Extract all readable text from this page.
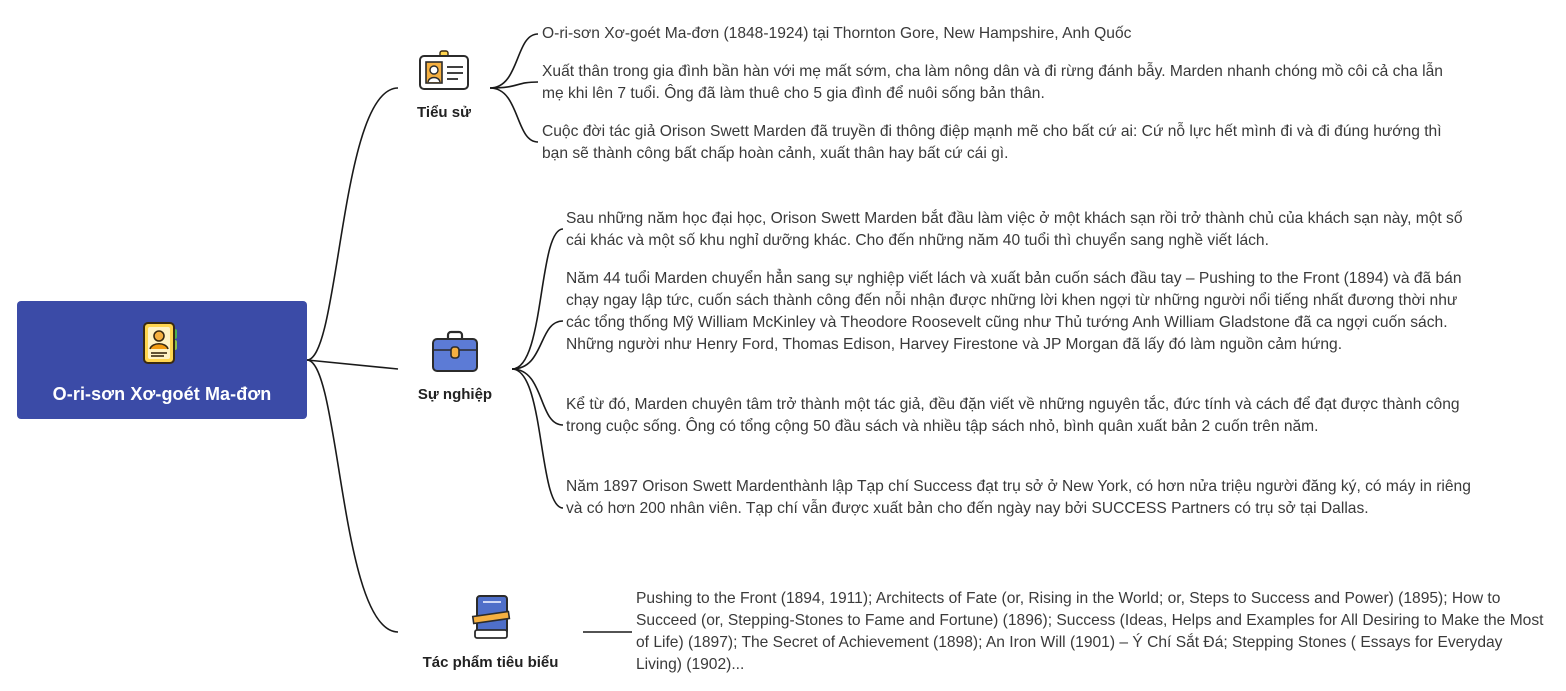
O-ri-sơn Xơ-goét Ma-đơn
Tiểu sử
Sự nghiệp
Tác phẩm tiêu biểu
O-ri-sơn Xơ-goét Ma-đơn (1848-1924) tại Thornton Gore, New Hampshire, Anh Quốc
Xuất thân trong gia đình bần hàn với mẹ mất sớm, cha làm nông dân và đi rừng đánh bẫy. Marden nhanh chóng mồ côi cả cha lẫn mẹ khi lên 7 tuổi. Ông đã làm thuê cho 5 gia đình để nuôi sống bản thân.
Cuộc đời tác giả Orison Swett Marden đã truyền đi thông điệp mạnh mẽ cho bất cứ ai: Cứ nỗ lực hết mình đi và đi đúng hướng thì bạn sẽ thành công bất chấp hoàn cảnh, xuất thân hay bất cứ cái gì.
Sau những năm học đại học, Orison Swett Marden bắt đầu làm việc ở một khách sạn rồi trở thành chủ của khách sạn này, một số cái khác và một số khu nghỉ dưỡng khác. Cho đến những năm 40 tuổi thì chuyển sang nghề viết lách.
Năm 44 tuổi Marden chuyển hẳn sang sự nghiệp viết lách và xuất bản cuốn sách đầu tay – Pushing to the Front (1894) và đã bán chạy ngay lập tức, cuốn sách thành công đến nỗi nhận được những lời khen ngợi từ những người nổi tiếng nhất đương thời như các tổng thống Mỹ William McKinley và Theodore Roosevelt cũng như Thủ tướng Anh William Gladstone đã ca ngợi cuốn sách. Những người như Henry Ford, Thomas Edison, Harvey Firestone và JP Morgan đã lấy đó làm nguồn cảm hứng.
Kể từ đó, Marden chuyên tâm trở thành một tác giả, đều đặn viết về những nguyên tắc, đức tính và cách để đạt được thành công trong cuộc sống. Ông có tổng cộng 50 đầu sách và nhiều tập sách nhỏ, bình quân xuất bản 2 cuốn trên năm.
Năm 1897 Orison Swett Mardenthành lập Tạp chí Success đạt trụ sở ở New York, có hơn nửa triệu người đăng ký, có máy in riêng và có hơn 200 nhân viên. Tạp chí vẫn được xuất bản cho đến ngày nay bởi SUCCESS Partners có trụ sở tại Dallas.
Pushing to the Front (1894, 1911); Architects of Fate (or, Rising in the World; or, Steps to Success and Power) (1895); How to Succeed (or, Stepping-Stones to Fame and Fortune) (1896); Success (Ideas, Helps and Examples for All Desiring to Make the Most of Life) (1897); The Secret of Achievement (1898); An Iron Will (1901) – Ý Chí Sắt Đá; Stepping Stones ( Essays for Everyday Living) (1902)...
